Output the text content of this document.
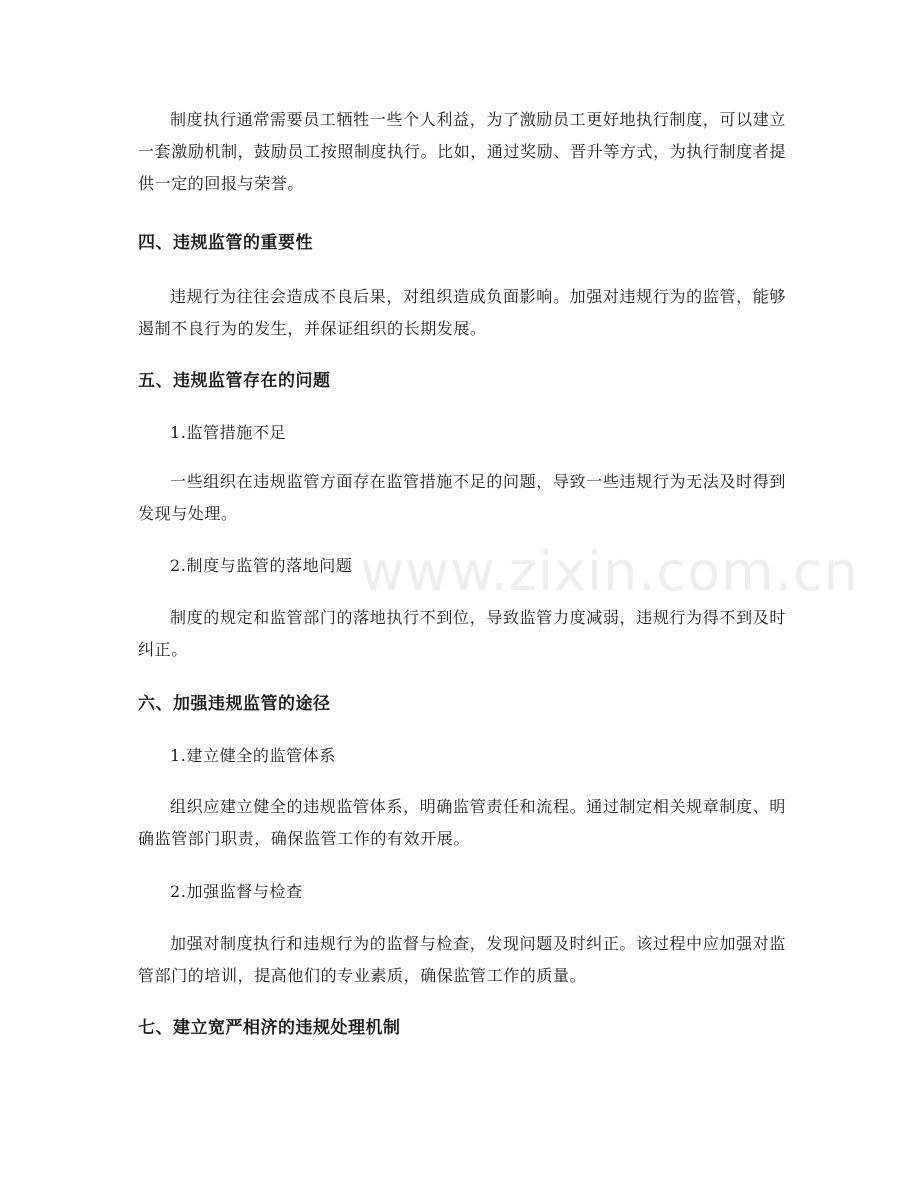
制度执行通常需要员工牺牲一些个人利益，为了激励员工更好地执行制度，可以建立一套激励机制，鼓励员工按照制度执行。比如，通过奖励、晋升等方式，为执行制度者提供一定的回报与荣誉。

四、违规监管的重要性

违规行为往往会造成不良后果，对组织造成负面影响。加强对违规行为的监管，能够遏制不良行为的发生，并保证组织的长期发展。

五、违规监管存在的问题
1.监管措施不足

一些组织在违规监管方面存在监管措施不足的问题，导致一些违规行为无法及时得到发现与处理。

2.制度与监管的落地问题

制度的规定和监管部门的落地执行不到位，导致监管力度减弱，违规行为得不到及时纠正。

六、加强违规监管的途径
1.建立健全的监管体系

组织应建立健全的违规监管体系，明确监管责任和流程。通过制定相关规章制度、明确监管部门职责，确保监管工作的有效开展。

2.加强监督与检查

加强对制度执行和违规行为的监督与检查，发现问题及时纠正。该过程中应加强对监管部门的培训，提高他们的专业素质，确保监管工作的质量。

七、建立宽严相济的违规处理机制
www.zixin.com.cn
